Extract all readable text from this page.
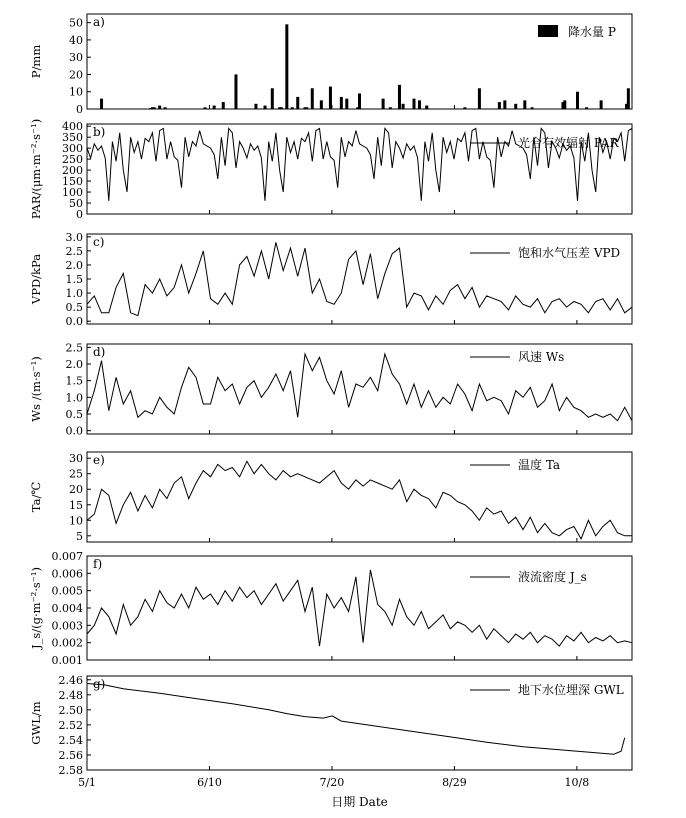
0
10
20
30
40
50 a)
P/mm
降水量 P
0
50
100
150
200
250
300
350
400 b)
PAR/(μm·m⁻²·s⁻¹)	光合有效辐射 PAR
0.0
0.5
1.0
1.5
2.0
2.5
3.0 c)
VPD/kPa
饱和水气压差 VPD
0.0
0.5
1.0
1.5
2.0
2.5 d)
Ws /(m·s⁻¹)	风速 Ws
5
10
15
20
25
30 e)
Ta/℃
温度 Ta
0.001
0.002
0.003
0.004
0.005
0.006
0.007
f)
J_s/(g·m⁻²·s⁻¹)	液流密度 J_s
2.46
2.48
2.50
2.52
2.54
2.56
2.58
g)
GWL/m
地下水位埋深 GWL
5/1	6/10	7/20	8/29	10/8
日期 Date
